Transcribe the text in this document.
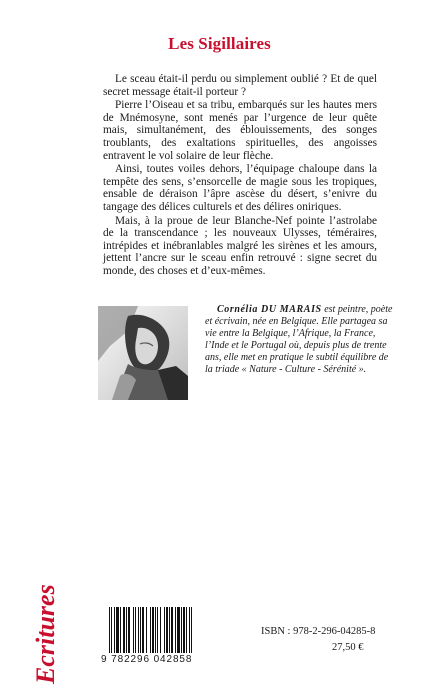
Les Sigillaires

Le sceau était-il perdu ou simplement oublié ? Et de quel secret message était-il porteur ?

Pierre l’Oiseau et sa tribu, embarqués sur les hautes mers de Mnémosyne, sont menés par l’urgence de leur quête mais, simultanément, des éblouissements, des songes troublants, des exaltations spirituelles, des angoisses entravent le vol solaire de leur flèche.

Ainsi, toutes voiles dehors, l’équipage chaloupe dans la tempête des sens, s’ensorcelle de magie sous les tropiques, ensable de déraison l’âpre ascèse du désert, s’enivre du tangage des délices culturels et des délires oniriques.

Mais, à la proue de leur Blanche-Nef pointe l’astrolabe de la transcendance ; les nouveaux Ulysses, téméraires, intrépides et inébranlables malgré les sirènes et les amours, jettent l’ancre sur le sceau enfin retrouvé : signe secret du monde, des choses et d’eux-mêmes.

Cornélia DU MARAIS est peintre, poète et écrivain, née en Belgique. Elle partagea sa vie entre la Belgique, l’Afrique, la France, l’Inde et le Portugal où, depuis plus de trente ans, elle met en pratique le subtil équilibre de la triade « Nature - Culture - Sérénité ».

Ecritures	9 782296 042858
ISBN : 978-2-296-04285-8
27,50 €
